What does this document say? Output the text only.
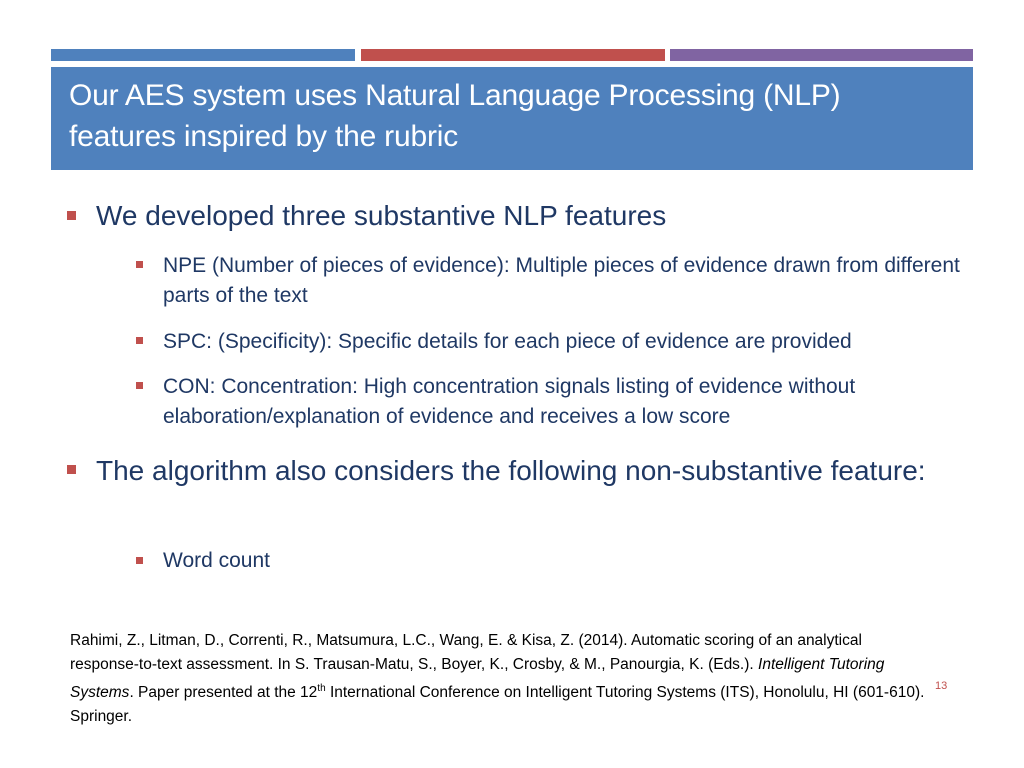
Our AES system uses Natural Language Processing (NLP) features inspired by the rubric
We developed three substantive NLP features
NPE (Number of pieces of evidence): Multiple pieces of evidence drawn from different parts of the text
SPC: (Specificity): Specific details for each piece of evidence are provided
CON: Concentration: High concentration signals listing of evidence without elaboration/explanation of evidence and receives a low score
The algorithm also considers the following non-substantive feature:
Word count
Rahimi, Z., Litman, D., Correnti, R., Matsumura, L.C., Wang, E. & Kisa, Z. (2014). Automatic scoring of an analytical response-to-text assessment. In S. Trausan-Matu, S., Boyer, K., Crosby, & M., Panourgia, K. (Eds.). Intelligent Tutoring Systems. Paper presented at the 12th International Conference on Intelligent Tutoring Systems (ITS), Honolulu, HI (601-610). Springer.
13
